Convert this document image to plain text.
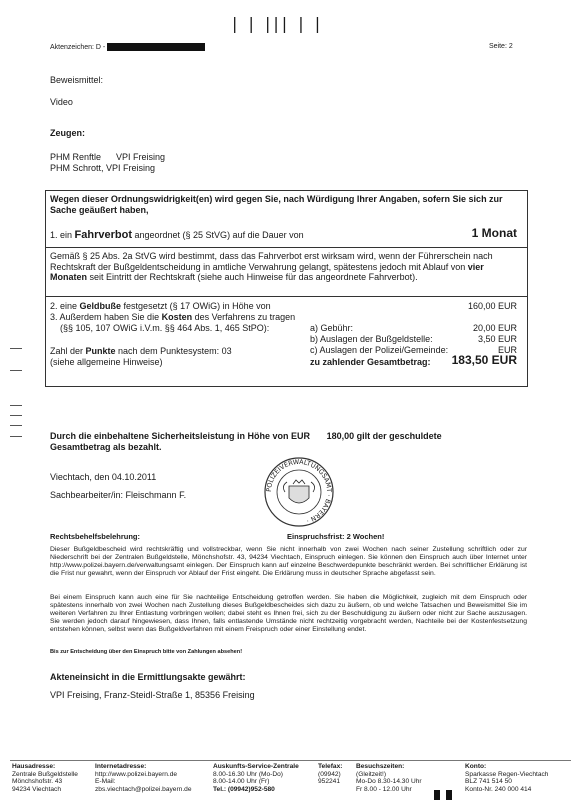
| | ||| | |
Aktenzeichen: D -	Seite: 2
Beweismittel:
Video
Zeugen:
PHM Renftle      VPI Freising
PHM Schrott, VPI Freising
Wegen dieser Ordnungswidrigkeit(en) wird gegen Sie, nach Würdigung Ihrer Angaben, sofern Sie sich zur Sache geäußert haben,
1. ein Fahrverbot angeordnet (§ 25 StVG) auf die Dauer von	1 Monat
Gemäß § 25 Abs. 2a StVG wird bestimmt, dass das Fahrverbot erst wirksam wird, wenn der Führerschein nach Rechtskraft der Bußgeldentscheidung in amtliche Verwahrung gelangt, spätestens jedoch mit Ablauf von vier Monaten seit Eintritt der Rechtskraft (siehe auch Hinweise für das angeordnete Fahrverbot).
2. eine Geldbuße festgesetzt (§ 17 OWiG) in Höhe von	160,00 EUR
3. Außerdem haben Sie die Kosten des Verfahrens zu tragen
(§§ 105, 107 OWiG i.V.m. §§ 464 Abs. 1, 465 StPO):	a) Gebühr:	20,00 EUR
b) Auslagen der Bußgeldstelle:	3,50 EUR
Zahl der Punkte nach dem Punktesystem: 03	c) Auslagen der Polizei/Gemeinde:	EUR
(siehe allgemeine Hinweise)	zu zahlender Gesamtbetrag: 183,50 EUR
Durch die einbehaltene Sicherheitsleistung in Höhe von EUR 180,00 gilt der geschuldete
Gesamtbetrag als bezahlt.
Viechtach, den 04.10.2011
Sachbearbeiter/in: Fleischmann F.
POLIZEIVERWALTUNGSAMT · BAYERN ·
Rechtsbehelfsbelehrung:	Einspruchsfrist: 2 Wochen!
Dieser Bußgeldbescheid wird rechtskräftig und vollstreckbar, wenn Sie nicht innerhalb von zwei Wochen nach seiner Zustellung schriftlich oder zur Niederschrift bei der Zentralen Bußgeldstelle, Mönchshofstr. 43, 94234 Viechtach, Einspruch einlegen. Sie können den Einspruch auch über Internet unter http://www.polizei.bayern.de/verwaltungsamt einlegen. Der Einspruch kann auf einzelne Beschwerdepunkte beschränkt werden. Bei schriftlicher Erklärung ist die Frist nur gewahrt, wenn der Einspruch vor Ablauf der Frist eingeht. Die Erklärung muss in deutscher Sprache abgefasst sein.
Bei einem Einspruch kann auch eine für Sie nachteilige Entscheidung getroffen werden. Sie haben die Möglichkeit, zugleich mit dem Einspruch oder spätestens innerhalb von zwei Wochen nach Zustellung dieses Bußgeldbescheides sich dazu zu äußern, ob und welche Tatsachen und Beweismittel Sie im weiteren Verfahren zu Ihrer Entlastung vorbringen wollen; dabei steht es Ihnen frei, sich zu der Beschuldigung zu äußern oder nicht zur Sache auszusagen. Sie werden jedoch darauf hingewiesen, dass Ihnen, falls entlastende Umstände nicht rechtzeitig vorgebracht werden, Nachteile bei der Kostenfestsetzung entstehen können, selbst wenn das Bußgeldverfahren mit einem Freispruch oder einer Einstellung endet.
Bis zur Entscheidung über den Einspruch bitte von Zahlungen absehen!
Akteneinsicht in die Ermittlungsakte gewährt:
VPI Freising, Franz-Steidl-Straße 1, 85356 Freising
Hausadresse:
Zentrale Bußgeldstelle
Mönchshofstr. 43
94234 Viechtach
Internetadresse:
http://www.polizei.bayern.de
E-Mail:
zbs.viechtach@polizei.bayern.de
Auskunfts-Service-Zentrale
8.00-16.30 Uhr (Mo-Do)
8.00-14.00 Uhr (Fr)
Tel.: (09942)952-580
Telefax:
(09942)
952241
Besuchszeiten:
(Gleitzeit!)
Mo-Do 8.30-14.30 Uhr
Fr 8.00 - 12.00 Uhr
Konto:
Sparkasse Regen-Viechtach
BLZ 741 514 50
Konto-Nr. 240 000 414
